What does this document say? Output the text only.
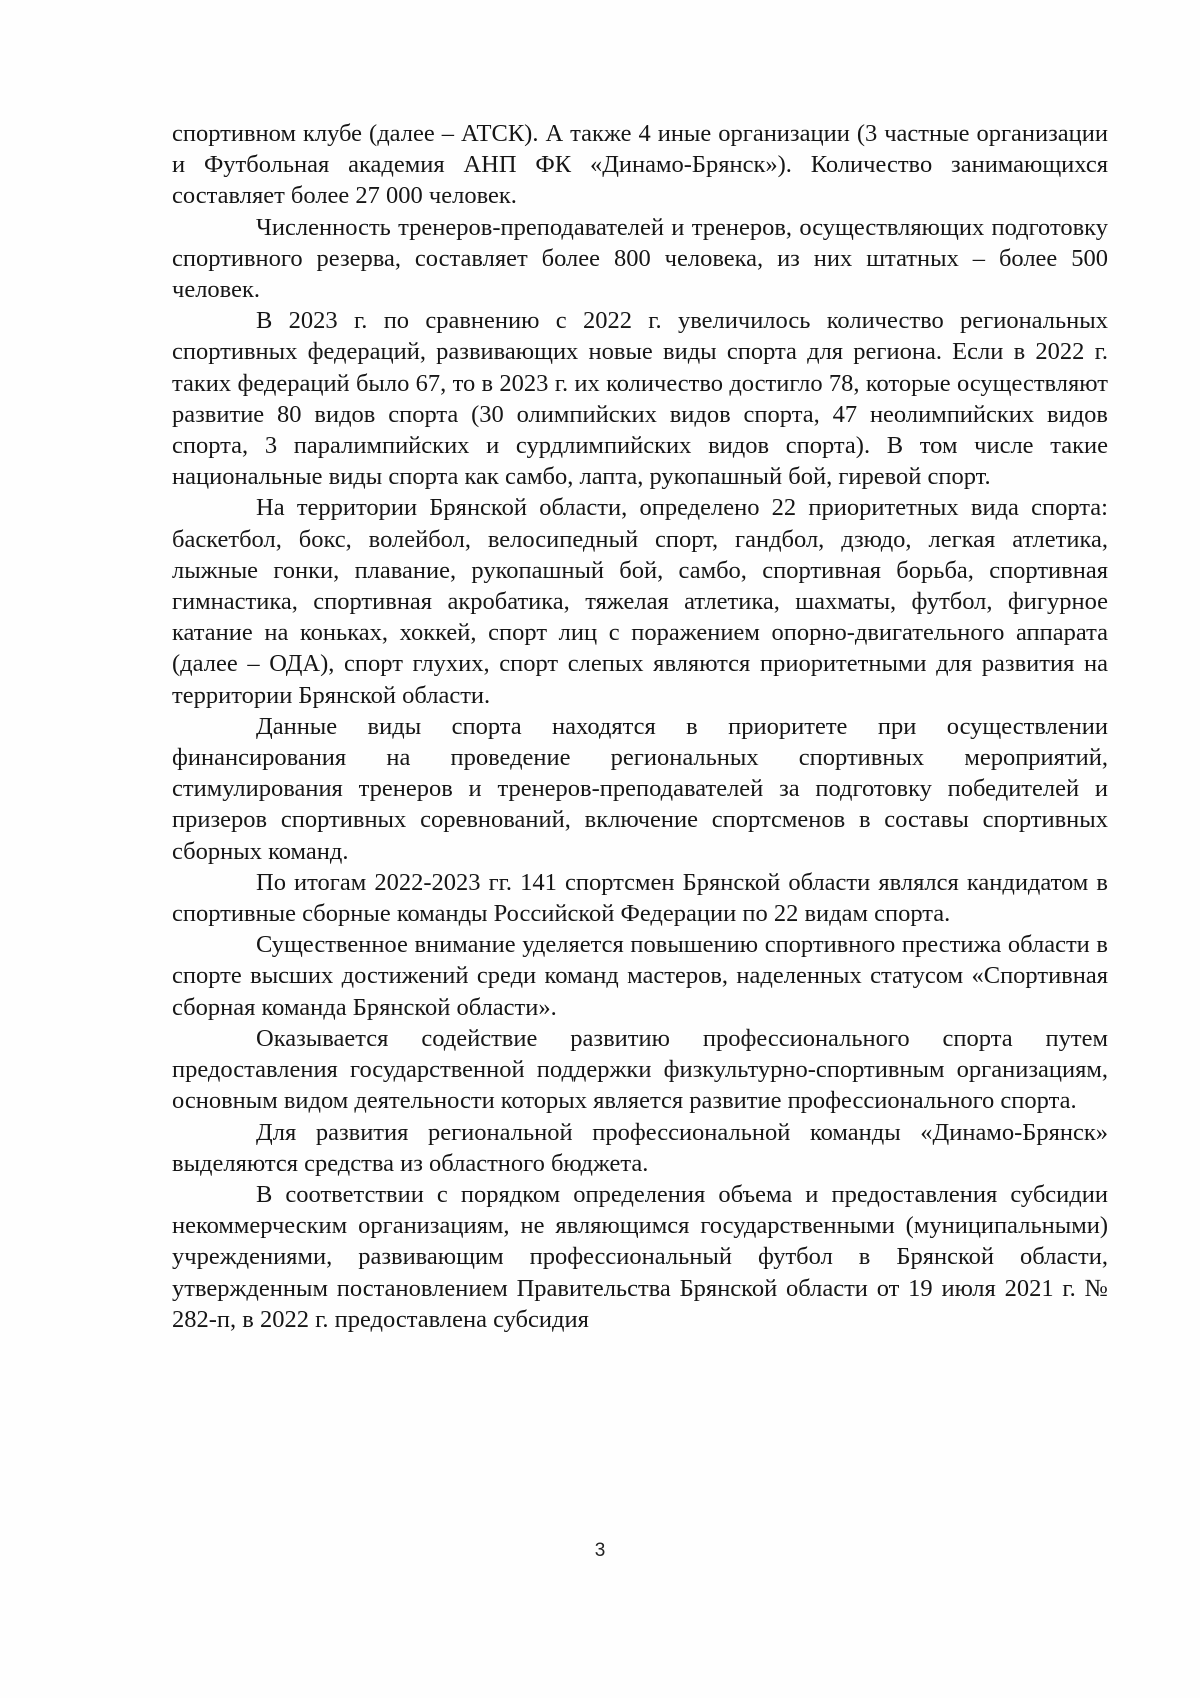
спортивном клубе (далее – АТСК). А также 4 иные организации (3 частные организации и Футбольная академия АНП ФК «Динамо-Брянск»). Количество занимающихся составляет более 27 000 человек.

Численность тренеров-преподавателей и тренеров, осуществляющих подготовку спортивного резерва, составляет более 800 человека, из них штатных – более 500 человек.

В 2023 г. по сравнению с 2022 г. увеличилось количество региональных спортивных федераций, развивающих новые виды спорта для региона. Если в 2022 г. таких федераций было 67, то в 2023 г. их количество достигло 78, которые осуществляют развитие 80 видов спорта (30 олимпийских видов спорта, 47 неолимпийских видов спорта, 3 паралимпийских и сурдлимпийских видов спорта). В том числе такие национальные виды спорта как самбо, лапта, рукопашный бой, гиревой спорт.

На территории Брянской области, определено 22 приоритетных вида спорта: баскетбол, бокс, волейбол, велосипедный спорт, гандбол, дзюдо, легкая атлетика, лыжные гонки, плавание, рукопашный бой, самбо, спортивная борьба, спортивная гимнастика, спортивная акробатика, тяжелая атлетика, шахматы, футбол, фигурное катание на коньках, хоккей, спорт лиц с поражением опорно-двигательного аппарата (далее – ОДА), спорт глухих, спорт слепых являются приоритетными для развития на территории Брянской области.

Данные виды спорта находятся в приоритете при осуществлении финансирования на проведение региональных спортивных мероприятий, стимулирования тренеров и тренеров-преподавателей за подготовку победителей и призеров спортивных соревнований, включение спортсменов в составы спортивных сборных команд.

По итогам 2022-2023 гг. 141 спортсмен Брянской области являлся кандидатом в спортивные сборные команды Российской Федерации по 22 видам спорта.

Существенное внимание уделяется повышению спортивного престижа области в спорте высших достижений среди команд мастеров, наделенных статусом «Спортивная сборная команда Брянской области».

Оказывается содействие развитию профессионального спорта путем предоставления государственной поддержки физкультурно-спортивным организациям, основным видом деятельности которых является развитие профессионального спорта.

Для развития региональной профессиональной команды «Динамо-Брянск» выделяются средства из областного бюджета.

В соответствии с порядком определения объема и предоставления субсидии некоммерческим организациям, не являющимся государственными (муниципальными) учреждениями, развивающим профессиональный футбол в Брянской области, утвержденным постановлением Правительства Брянской области от 19 июля 2021 г. № 282-п, в 2022 г. предоставлена субсидия

3
